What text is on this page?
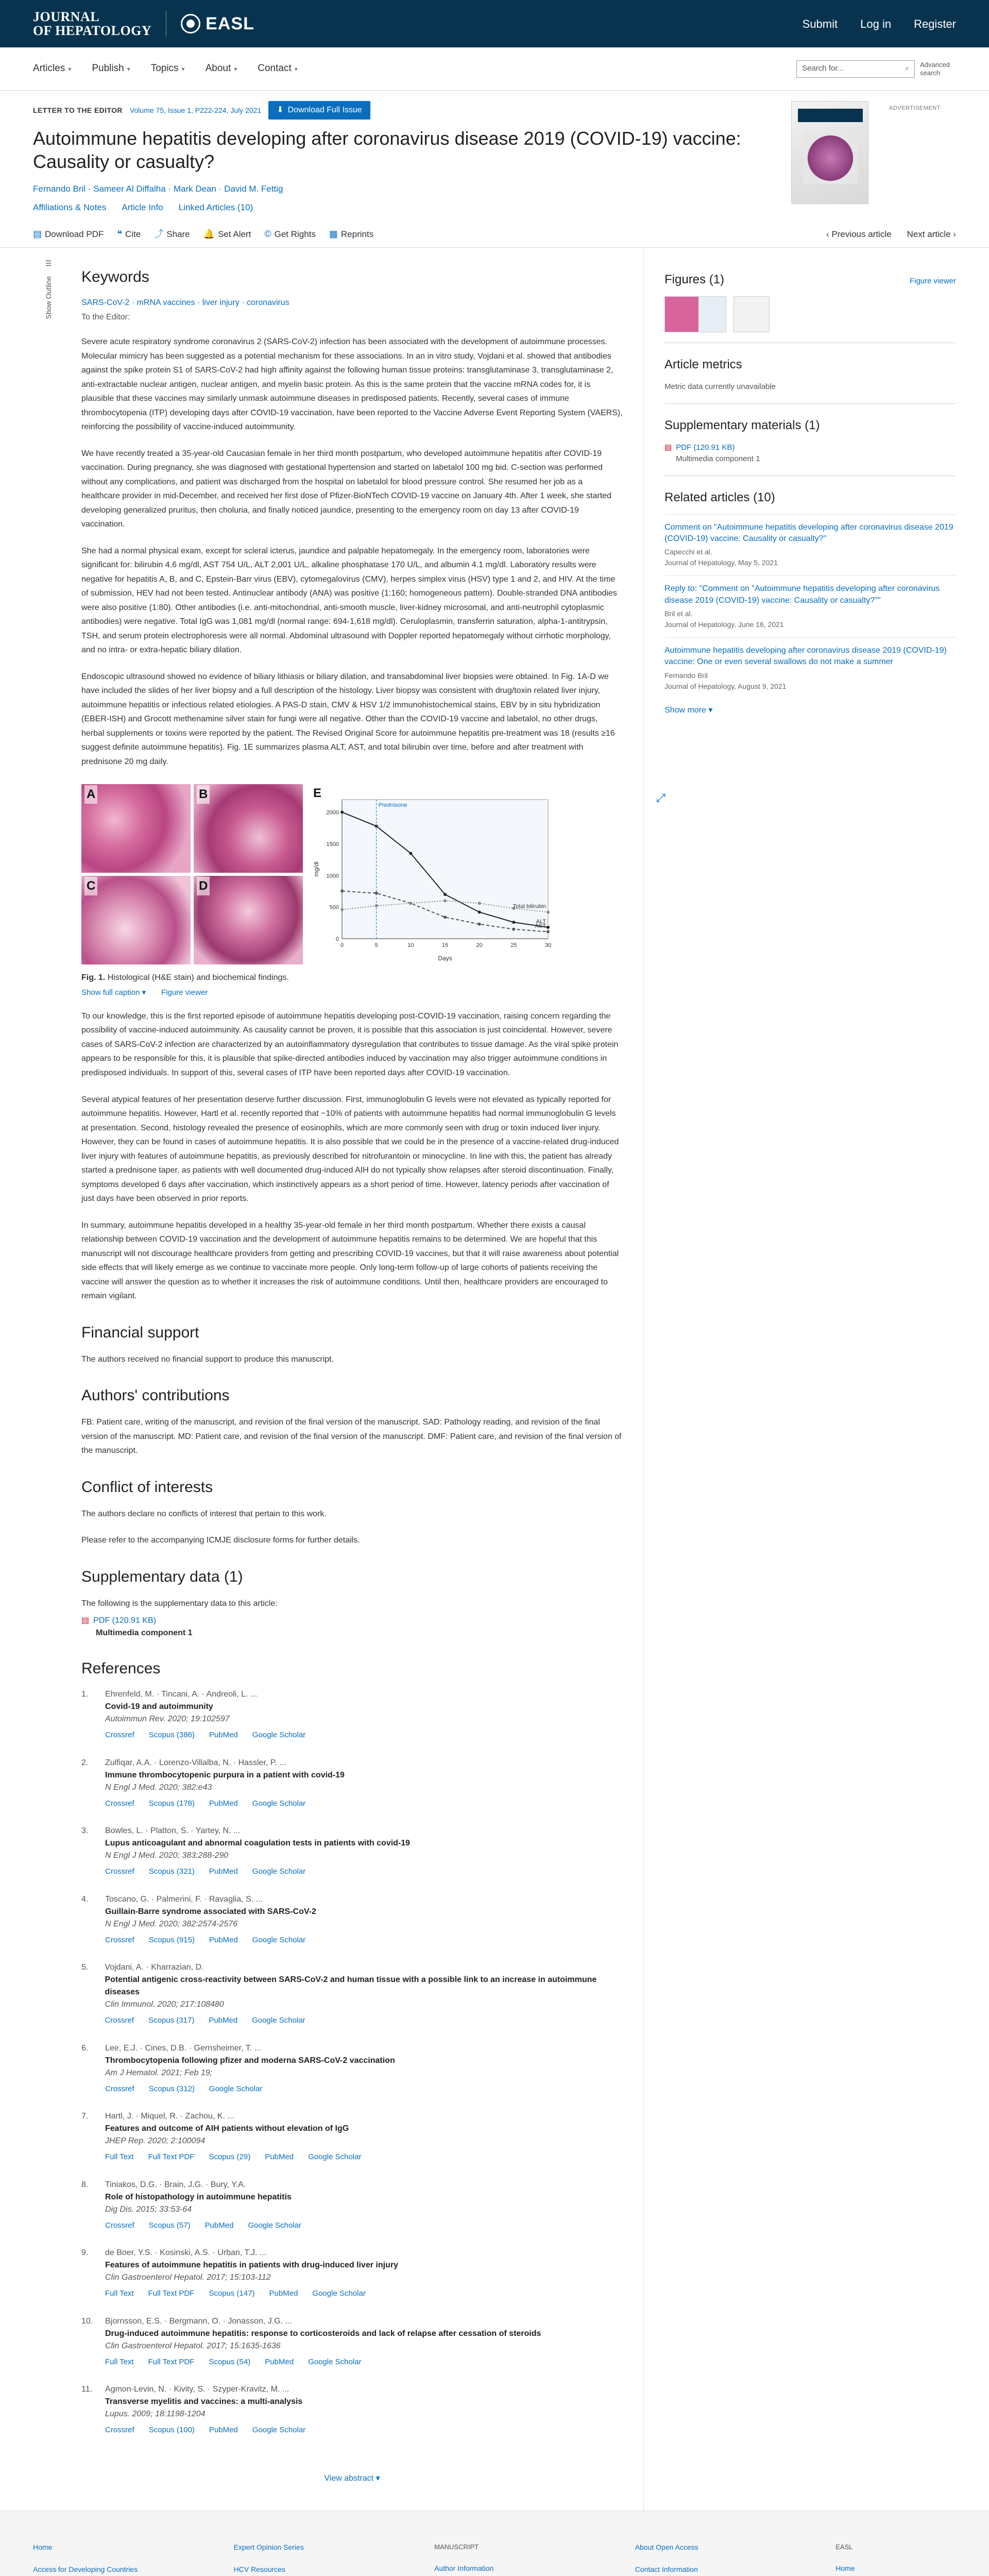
JOURNAL
OF HEPATOLOGY	EASL	Submit Log in Register
Articles ▾ Publish ▾ Topics ▾ About ▾ Contact ▾	Search for...	⌕ Advanced search
LETTER TO THE EDITOR Volume 75, Issue 1, P222-224, July 2021 ⬇ Download Full Issue
Autoimmune hepatitis developing after coronavirus disease 2019 (COVID-19) vaccine: Causality or casualty?
Fernando Bril · Sameer Al Diffalha · Mark Dean · David M. Fettig
Affiliations & Notes Article Info Linked Articles (10)
ADVERTISEMENT
▤ Download PDF ❝ Cite ⤴ Share 🔔 Set Alert © Get Rights ▦ Reprints	‹ Previous article Next article ›
☰
Show Outline Keywords
SARS-CoV-2 · mRNA vaccines · liver injury · coronavirus
To the Editor:

Severe acute respiratory syndrome coronavirus 2 (SARS-CoV-2) infection has been associated with the development of autoimmune processes. Molecular mimicry has been suggested as a potential mechanism for these associations. In an in vitro study, Vojdani et al. showed that antibodies against the spike protein S1 of SARS-CoV-2 had high affinity against the following human tissue proteins: transglutaminase 3, transglutaminase 2, anti-extractable nuclear antigen, nuclear antigen, and myelin basic protein. As this is the same protein that the vaccine mRNA codes for, it is plausible that these vaccines may similarly unmask autoimmune diseases in predisposed patients. Recently, several cases of immune thrombocytopenia (ITP) developing days after COVID-19 vaccination, have been reported to the Vaccine Adverse Event Reporting System (VAERS), reinforcing the possibility of vaccine-induced autoimmunity.

We have recently treated a 35-year-old Caucasian female in her third month postpartum, who developed autoimmune hepatitis after COVID-19 vaccination. During pregnancy, she was diagnosed with gestational hypertension and started on labetalol 100 mg bid. C-section was performed without any complications, and patient was discharged from the hospital on labetalol for blood pressure control. She resumed her job as a healthcare provider in mid-December, and received her first dose of Pfizer-BioNTech COVID-19 vaccine on January 4th. After 1 week, she started developing generalized pruritus, then choluria, and finally noticed jaundice, presenting to the emergency room on day 13 after COVID-19 vaccination.

She had a normal physical exam, except for scleral icterus, jaundice and palpable hepatomegaly. In the emergency room, laboratories were significant for: bilirubin 4.6 mg/dl, AST 754 U/L, ALT 2,001 U/L, alkaline phosphatase 170 U/L, and albumin 4.1 mg/dl. Laboratory results were negative for hepatitis A, B, and C, Epstein-Barr virus (EBV), cytomegalovirus (CMV), herpes simplex virus (HSV) type 1 and 2, and HIV. At the time of submission, HEV had not been tested. Antinuclear antibody (ANA) was positive (1:160; homogeneous pattern). Double-stranded DNA antibodies were also positive (1:80). Other antibodies (i.e. anti-mitochondrial, anti-smooth muscle, liver-kidney microsomal, and anti-neutrophil cytoplasmic antibodies) were negative. Total IgG was 1,081 mg/dl (normal range: 694-1,618 mg/dl). Ceruloplasmin, transferrin saturation, alpha-1-antitrypsin, TSH, and serum protein electrophoresis were all normal. Abdominal ultrasound with Doppler reported hepatomegaly without cirrhotic morphology, and no intra- or extra-hepatic biliary dilation.

Endoscopic ultrasound showed no evidence of biliary lithiasis or biliary dilation, and transabdominal liver biopsies were obtained. In Fig. 1A-D we have included the slides of her liver biopsy and a full description of the histology. Liver biopsy was consistent with drug/toxin related liver injury, autoimmune hepatitis or infectious related etiologies. A PAS-D stain, CMV & HSV 1/2 immunohistochemical stains, EBV by in situ hybridization (EBER-ISH) and Grocott methenamine silver stain for fungi were all negative. Other than the COVID-19 vaccine and labetalol, no other drugs, herbal supplements or toxins were reported by the patient. The Revised Original Score for autoimmune hepatitis pre-treatment was 18 (results ≥16 suggest definite autoimmune hepatitis). Fig. 1E summarizes plasma ALT, AST, and total bilirubin over time, before and after treatment with prednisone 20 mg daily.

A	B
C	D
E
0	5	10	15	20	25	30
0
500
1000
1500
2000
Days
mg/dl
ALT
AST
Total bilirubin
Prednisone
⤢
Fig. 1. Histological (H&E stain) and biochemical findings.
Show full caption ▾ Figure viewer

To our knowledge, this is the first reported episode of autoimmune hepatitis developing post-COVID-19 vaccination, raising concern regarding the possibility of vaccine-induced autoimmunity. As causality cannot be proven, it is possible that this association is just coincidental. However, severe cases of SARS-CoV-2 infection are characterized by an autoinflammatory dysregulation that contributes to tissue damage. As the viral spike protein appears to be responsible for this, it is plausible that spike-directed antibodies induced by vaccination may also trigger autoimmune conditions in predisposed individuals. In support of this, several cases of ITP have been reported days after COVID-19 vaccination.

Several atypical features of her presentation deserve further discussion. First, immunoglobulin G levels were not elevated as typically reported for autoimmune hepatitis. However, Hartl et al. recently reported that ~10% of patients with autoimmune hepatitis had normal immunoglobulin G levels at presentation. Second, histology revealed the presence of eosinophils, which are more commonly seen with drug or toxin induced liver injury. However, they can be found in cases of autoimmune hepatitis. It is also possible that we could be in the presence of a vaccine-related drug-induced liver injury with features of autoimmune hepatitis, as previously described for nitrofurantoin or minocycline. In line with this, the patient has already started a prednisone taper, as patients with well documented drug-induced AIH do not typically show relapses after steroid discontinuation. Finally, symptoms developed 6 days after vaccination, which instinctively appears as a short period of time. However, latency periods after vaccination of just days have been observed in prior reports.

In summary, autoimmune hepatitis developed in a healthy 35-year-old female in her third month postpartum. Whether there exists a causal relationship between COVID-19 vaccination and the development of autoimmune hepatitis remains to be determined. We are hopeful that this manuscript will not discourage healthcare providers from getting and prescribing COVID-19 vaccines, but that it will raise awareness about potential side effects that will likely emerge as we continue to vaccinate more people. Only long-term follow-up of large cohorts of patients receiving the vaccine will answer the question as to whether it increases the risk of autoimmune conditions. Until then, healthcare providers are encouraged to remain vigilant.

Financial support

The authors received no financial support to produce this manuscript.

Authors' contributions

FB: Patient care, writing of the manuscript, and revision of the final version of the manuscript. SAD: Pathology reading, and revision of the final version of the manuscript. MD: Patient care, and revision of the final version of the manuscript. DMF: Patient care, and revision of the final version of the manuscript.

Conflict of interests

The authors declare no conflicts of interest that pertain to this work.

Please refer to the accompanying ICMJE disclosure forms for further details.

Supplementary data (1)

The following is the supplementary data to this article:

▤ PDF (120.91 KB)
Multimedia component 1
References
1.	Ehrenfeld, M. · Tincani, A. · Andreoli, L. ...
Covid-19 and autoimmunity
Autoimmun Rev. 2020; 19:102597
Crossref Scopus (386) PubMed Google Scholar
2.	Zulfiqar, A.A. · Lorenzo-Villalba, N. · Hassler, P. ...
Immune thrombocytopenic purpura in a patient with covid-19
N Engl J Med. 2020; 382:e43
Crossref Scopus (178) PubMed Google Scholar
3.	Bowles, L. · Platton, S. · Yartey, N. ...
Lupus anticoagulant and abnormal coagulation tests in patients with covid-19
N Engl J Med. 2020; 383:288-290
Crossref Scopus (321) PubMed Google Scholar
4.	Toscano, G. · Palmerini, F. · Ravaglia, S. ...
Guillain-Barre syndrome associated with SARS-CoV-2
N Engl J Med. 2020; 382:2574-2576
Crossref Scopus (915) PubMed Google Scholar
5.	Vojdani, A. · Kharrazian, D.
Potential antigenic cross-reactivity between SARS-CoV-2 and human tissue with a possible link to an increase in autoimmune diseases
Clin Immunol. 2020; 217:108480
Crossref Scopus (317) PubMed Google Scholar
6.	Lee, E.J. · Cines, D.B. · Gernsheimer, T. ...
Thrombocytopenia following pfizer and moderna SARS-CoV-2 vaccination
Am J Hematol. 2021; Feb 19;
Crossref Scopus (312) Google Scholar
7.	Hartl, J. · Miquel, R. · Zachou, K. ...
Features and outcome of AIH patients without elevation of IgG
JHEP Rep. 2020; 2:100094
Full Text Full Text PDF Scopus (29) PubMed Google Scholar
8.	Tiniakos, D.G. · Brain, J.G. · Bury, Y.A.
Role of histopathology in autoimmune hepatitis
Dig Dis. 2015; 33:53-64
Crossref Scopus (57) PubMed Google Scholar
9.	de Boer, Y.S. · Kosinski, A.S. · Urban, T.J. ...
Features of autoimmune hepatitis in patients with drug-induced liver injury
Clin Gastroenterol Hepatol. 2017; 15:103-112
Full Text Full Text PDF Scopus (147) PubMed Google Scholar
10.	Bjornsson, E.S. · Bergmann, O. · Jonasson, J.G. ...
Drug-induced autoimmune hepatitis: response to corticosteroids and lack of relapse after cessation of steroids
Clin Gastroenterol Hepatol. 2017; 15:1635-1636
Full Text Full Text PDF Scopus (54) PubMed Google Scholar
11.	Agmon-Levin, N. · Kivity, S. · Szyper-Kravitz, M. ...
Transverse myelitis and vaccines: a multi-analysis
Lupus. 2009; 18:1198-1204
Crossref Scopus (100) PubMed Google Scholar
View abstract ▾
Figures (1)	Figure viewer
Article metrics
Metric data currently unavailable
Supplementary materials (1)
▤ PDF (120.91 KB)
Multimedia component 1
Related articles (10)
Comment on "Autoimmune hepatitis developing after coronavirus disease 2019 (COVID-19) vaccine: Causality or casualty?"
Capecchi et al.
Journal of Hepatology, May 5, 2021
Reply to: "Comment on "Autoimmune hepatitis developing after coronavirus disease 2019 (COVID-19) vaccine: Causality or casualty?""
Bril et al.
Journal of Hepatology, June 16, 2021
Autoimmune hepatitis developing after coronavirus disease 2019 (COVID-19) vaccine: One or even several swallows do not make a summer
Fernando Bril
Journal of Hepatology, August 9, 2021
Show more ▾
Home
Access for Developing Countries
Expert Opinion Series
HCV Resources
MANUSCRIPT
Author Information
About Open Access
Contact Information
EASL
Home
